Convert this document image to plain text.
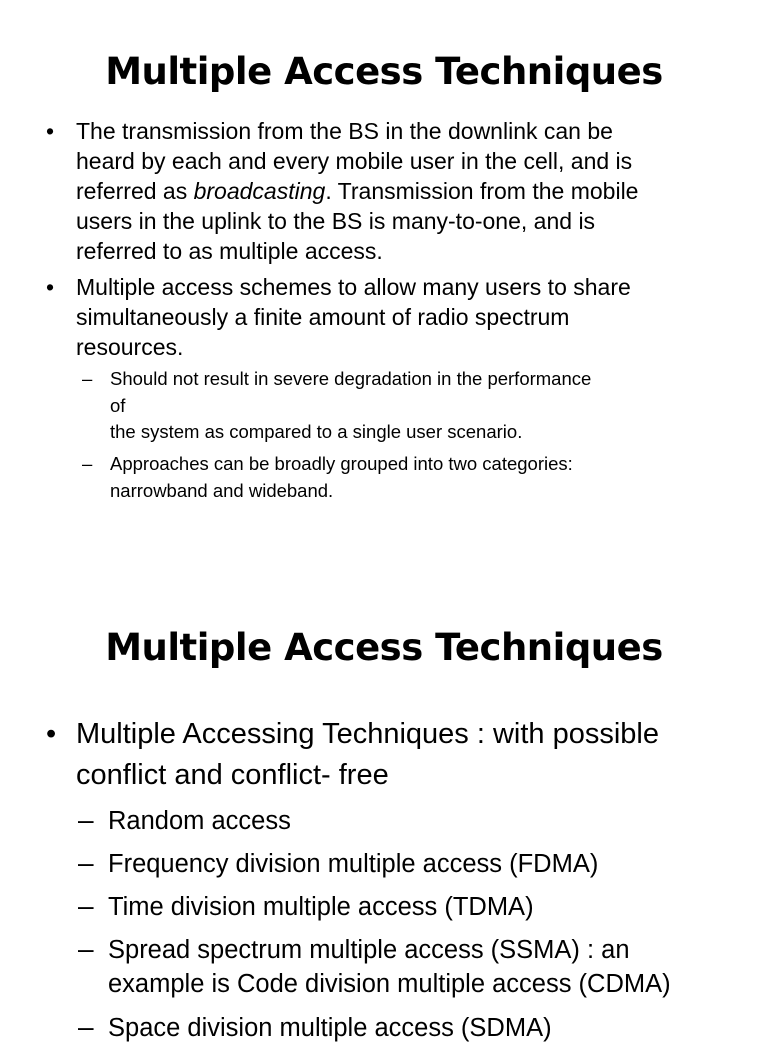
Multiple Access Techniques
• The transmission from the BS in the downlink can be
heard by each and every mobile user in the cell, and is
referred as broadcasting. Transmission from the mobile
users in the uplink to the BS is many-to-one, and is
referred to as multiple access.
• Multiple access schemes to allow many users to share
simultaneously a finite amount of radio spectrum
resources.
– Should not result in severe degradation in the performance
of
the system as compared to a single user scenario.
– Approaches can be broadly grouped into two categories:
narrowband and wideband.
Multiple Access Techniques
• Multiple Accessing Techniques : with possible
conflict and conflict- free
– Random access
– Frequency division multiple access (FDMA)
– Time division multiple access (TDMA)
– Spread spectrum multiple access (SSMA) : an
example is Code division multiple access (CDMA)
– Space division multiple access (SDMA)
